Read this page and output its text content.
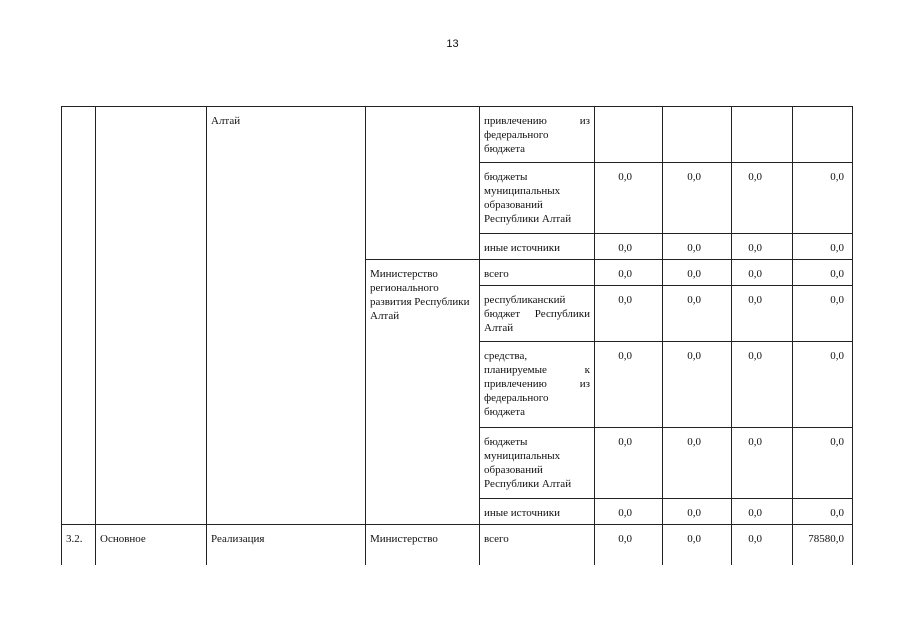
13
		Алтай		привлечению из федерального бюджета				
				бюджеты муниципальных образований Республики Алтай	0,0	0,0	0,0	0,0
				иные источники	0,0	0,0	0,0	0,0
			Министерство регионального развития Республики Алтай	всего	0,0	0,0	0,0	0,0
				республиканский бюджет Республики Алтай	0,0	0,0	0,0	0,0
				средства, планируемые к привлечению из федерального бюджета	0,0	0,0	0,0	0,0
				бюджеты муниципальных образований Республики Алтай	0,0	0,0	0,0	0,0
				иные источники	0,0	0,0	0,0	0,0
3.2.	Основное	Реализация	Министерство	всего	0,0	0,0	0,0	78580,0
